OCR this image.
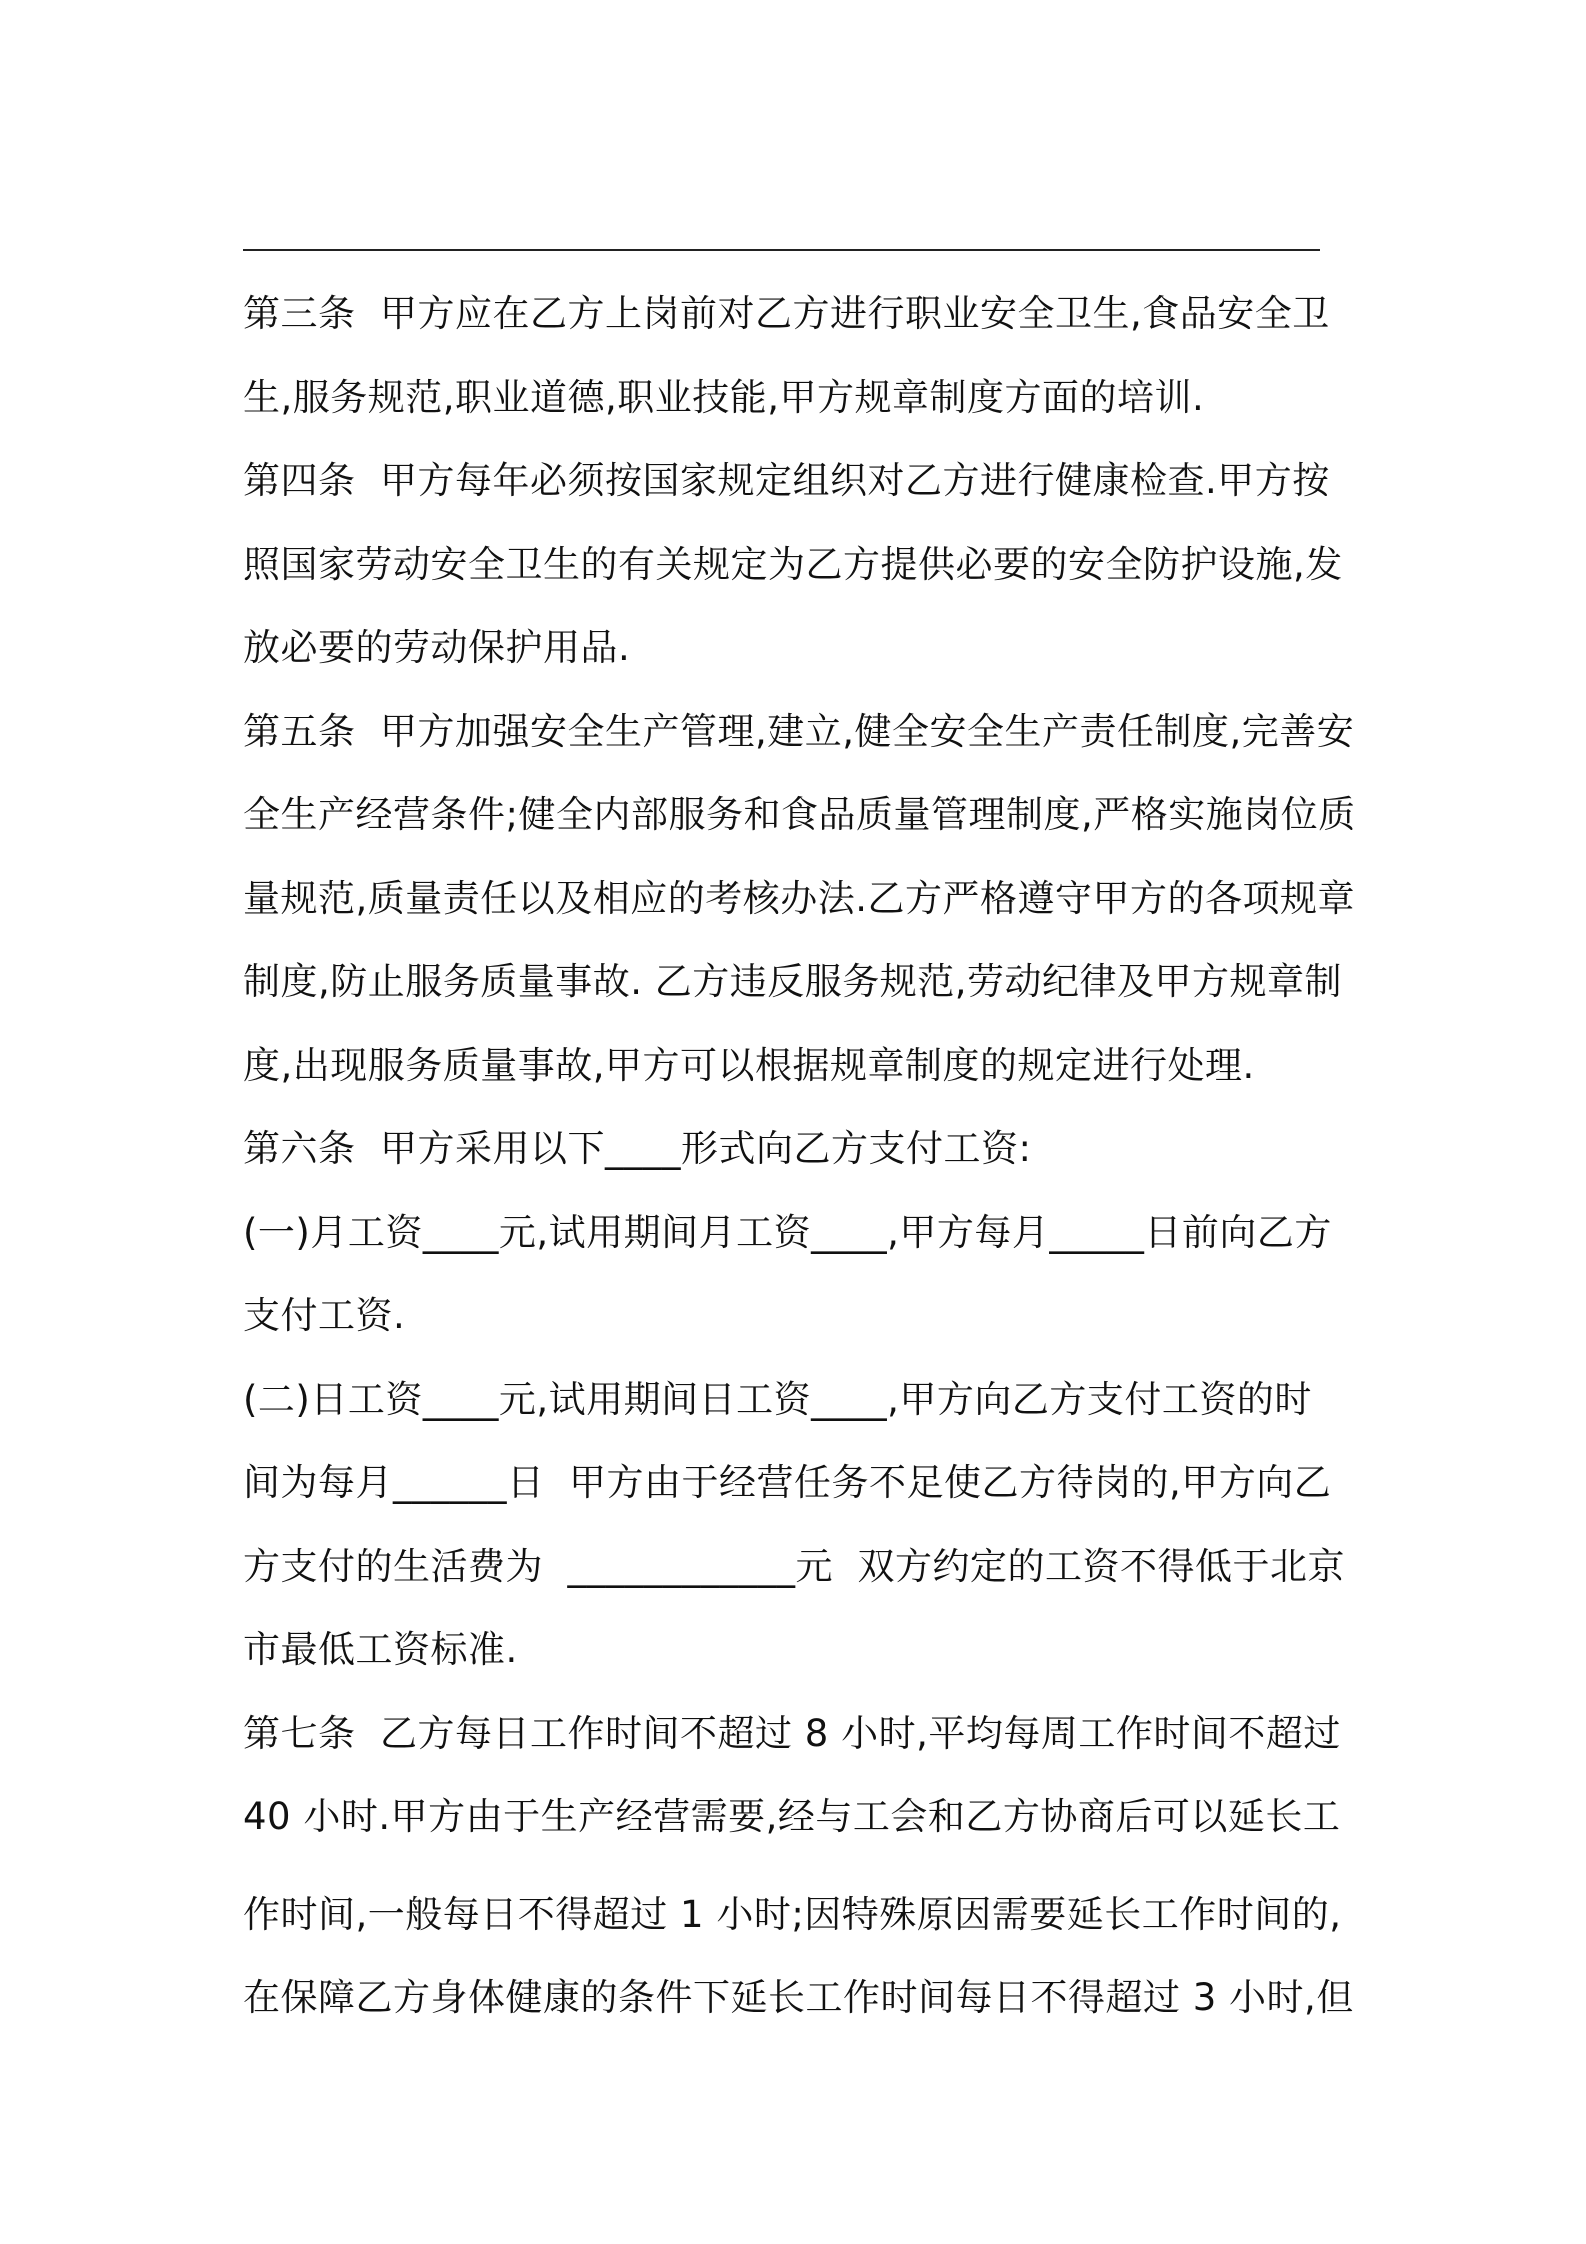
第三条  甲方应在乙方上岗前对乙方进行职业安全卫生,食品安全卫
生,服务规范,职业道德,职业技能,甲方规章制度方面的培训.
第四条  甲方每年必须按国家规定组织对乙方进行健康检查.甲方按
照国家劳动安全卫生的有关规定为乙方提供必要的安全防护设施,发
放必要的劳动保护用品.
第五条  甲方加强安全生产管理,建立,健全安全生产责任制度,完善安
全生产经营条件;健全内部服务和食品质量管理制度,严格实施岗位质
量规范,质量责任以及相应的考核办法.乙方严格遵守甲方的各项规章
制度,防止服务质量事故. 乙方违反服务规范,劳动纪律及甲方规章制
度,出现服务质量事故,甲方可以根据规章制度的规定进行处理.
第六条  甲方采用以下____形式向乙方支付工资:
(一)月工资____元,试用期间月工资____,甲方每月_____日前向乙方
支付工资.
(二)日工资____元,试用期间日工资____,甲方向乙方支付工资的时
间为每月______日  甲方由于经营任务不足使乙方待岗的,甲方向乙
方支付的生活费为  ____________元  双方约定的工资不得低于北京
市最低工资标准.
第七条  乙方每日工作时间不超过 8 小时,平均每周工作时间不超过
40 小时.甲方由于生产经营需要,经与工会和乙方协商后可以延长工
作时间,一般每日不得超过 1 小时;因特殊原因需要延长工作时间的,
在保障乙方身体健康的条件下延长工作时间每日不得超过 3 小时,但
